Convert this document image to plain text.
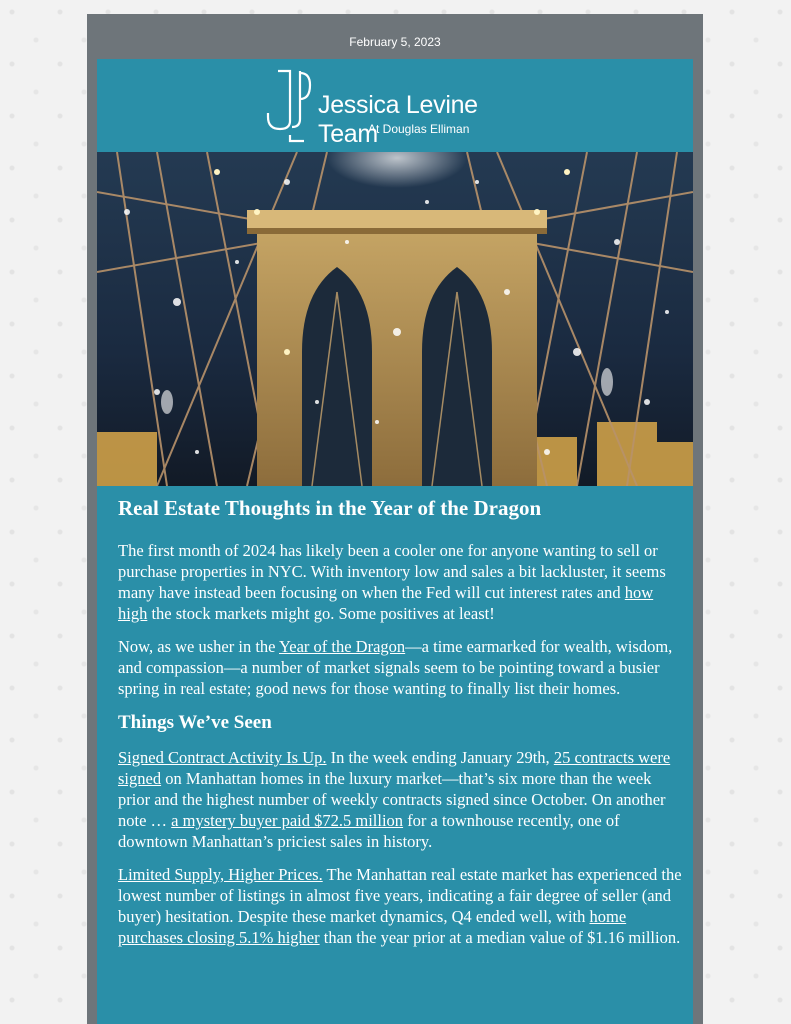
February 5, 2023
Jessica Levine Team
At Douglas Elliman
Real Estate Thoughts in the Year of the Dragon

The first month of 2024 has likely been a cooler one for anyone wanting to sell or purchase properties in NYC. With inventory low and sales a bit lackluster, it seems many have instead been focusing on when the Fed will cut interest rates and how high the stock markets might go. Some positives at least!

Now, as we usher in the Year of the Dragon—a time earmarked for wealth, wisdom, and compassion—a number of market signals seem to be pointing toward a busier spring in real estate; good news for those wanting to finally list their homes.

Things We’ve Seen

Signed Contract Activity Is Up. In the week ending January 29th, 25 contracts were signed on Manhattan homes in the luxury market—that’s six more than the week prior and the highest number of weekly contracts signed since October. On another note … a mystery buyer paid $72.5 million for a townhouse recently, one of downtown Manhattan’s priciest sales in history.

Limited Supply, Higher Prices. The Manhattan real estate market has experienced the lowest number of listings in almost five years, indicating a fair degree of seller (and buyer) hesitation. Despite these market dynamics, Q4 ended well, with home purchases closing 5.1% higher than the year prior at a median value of $1.16 million.
